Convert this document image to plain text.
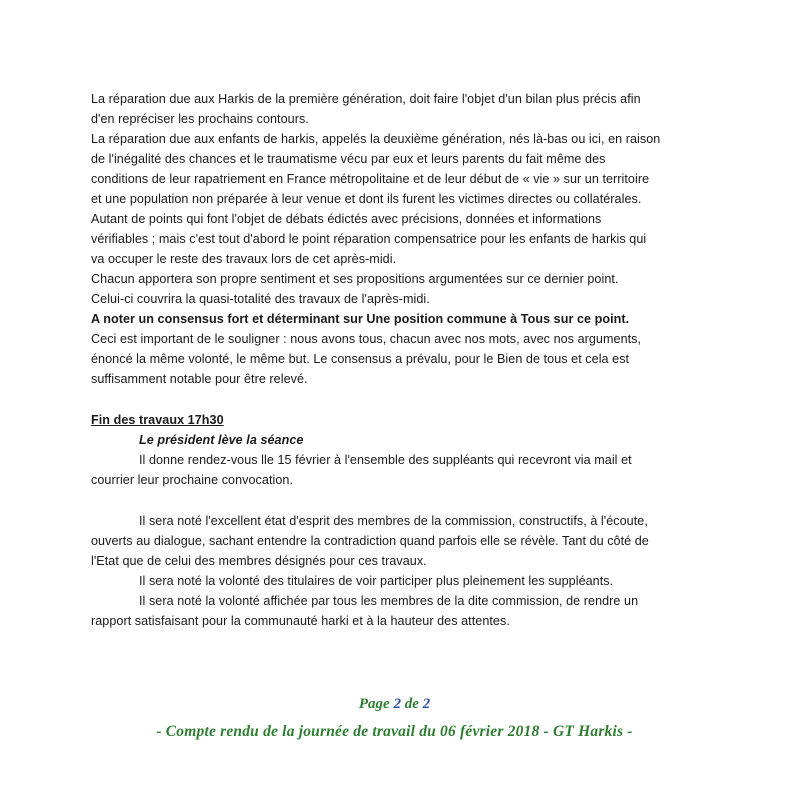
La réparation due aux Harkis de la première génération, doit faire l'objet d'un bilan plus précis afin
d'en repréciser les prochains contours.
La réparation due aux enfants de harkis, appelés la deuxième génération, nés là-bas ou ici, en raison
de l'inégalité des chances et le traumatisme vécu par eux et leurs parents du fait même des
conditions de leur rapatriement en France métropolitaine et de leur début de « vie » sur un territoire
et une population non préparée à leur venue et dont ils furent les victimes directes ou collatérales.
Autant de points qui font l'objet de débats édictés avec précisions, données et informations
vérifiables ; mais c'est tout d'abord le point réparation compensatrice pour les enfants de harkis qui
va occuper le reste des travaux lors de cet après-midi.
Chacun apportera son propre sentiment et ses propositions argumentées sur ce dernier point.
Celui-ci couvrira la quasi-totalité des travaux de l'après-midi.
A noter un consensus fort et déterminant sur Une position commune à Tous sur ce point.
Ceci est important de le souligner : nous avons tous, chacun avec nos mots, avec nos arguments,
énoncé la même volonté, le même but. Le consensus a prévalu, pour le Bien de tous et cela est
suffisamment notable pour être relevé.
Fin des travaux 17h30
Le président lève la séance
Il donne rendez-vous lle 15 février à l'ensemble des suppléants qui recevront via mail et
courrier leur prochaine convocation.
Il sera noté l'excellent état d'esprit des membres de la commission, constructifs, à l'écoute,
ouverts au dialogue, sachant entendre la contradiction quand parfois elle se révèle. Tant du côté de
l'Etat que de celui des membres désignés pour ces travaux.
Il sera noté la volonté des titulaires de voir participer plus pleinement les suppléants.
Il sera noté la volonté affichée par tous les membres de la dite commission, de rendre un
rapport satisfaisant pour la communauté harki et à la hauteur des attentes.
Page 2 de 2
- Compte rendu de la journée de travail du 06 février 2018 - GT Harkis -
